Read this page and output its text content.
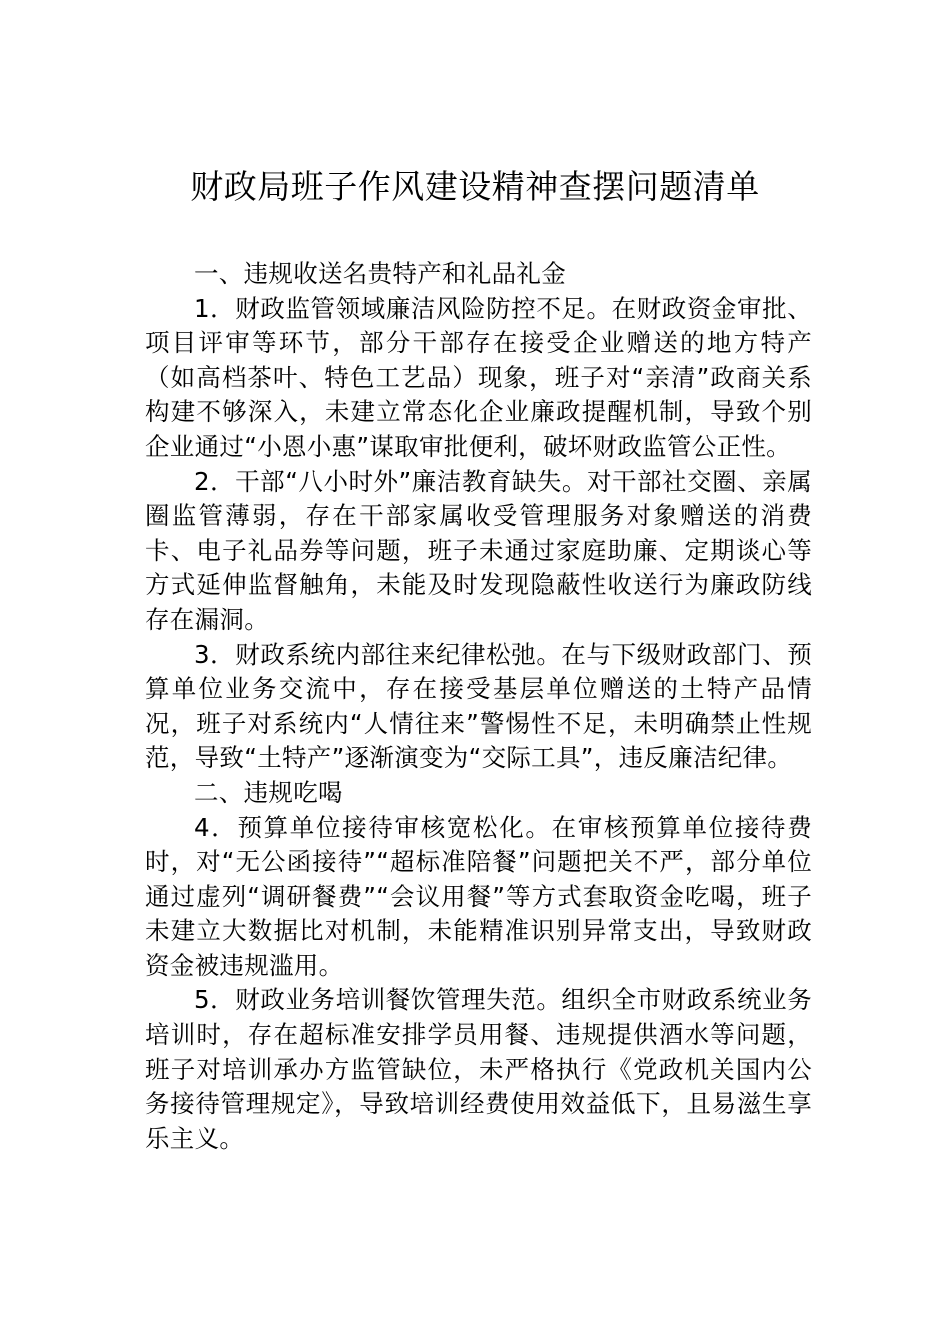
财政局班子作风建设精神查摆问题清单

一、违规收送名贵特产和礼品礼金

1．财政监管领域廉洁风险防控不足。在财政资金审批、项目评审等环节，部分干部存在接受企业赠送的地方特产（如高档茶叶、特色工艺品）现象，班子对“亲清”政商关系构建不够深入，未建立常态化企业廉政提醒机制，导致个别企业通过“小恩小惠”谋取审批便利，破坏财政监管公正性。

2．干部“八小时外”廉洁教育缺失。对干部社交圈、亲属圈监管薄弱，存在干部家属收受管理服务对象赠送的消费卡、电子礼品券等问题，班子未通过家庭助廉、定期谈心等方式延伸监督触角，未能及时发现隐蔽性收送行为廉政防线存在漏洞。

3．财政系统内部往来纪律松弛。在与下级财政部门、预算单位业务交流中，存在接受基层单位赠送的土特产品情况，班子对系统内“人情往来”警惕性不足，未明确禁止性规范，导致“土特产”逐渐演变为“交际工具”，违反廉洁纪律。

二、违规吃喝

4．预算单位接待审核宽松化。在审核预算单位接待费时，对“无公函接待”“超标准陪餐”问题把关不严，部分单位通过虚列“调研餐费”“会议用餐”等方式套取资金吃喝，班子未建立大数据比对机制，未能精准识别异常支出，导致财政资金被违规滥用。

5．财政业务培训餐饮管理失范。组织全市财政系统业务培训时，存在超标准安排学员用餐、违规提供酒水等问题，班子对培训承办方监管缺位，未严格执行《党政机关国内公务接待管理规定》，导致培训经费使用效益低下，且易滋生享乐主义。
